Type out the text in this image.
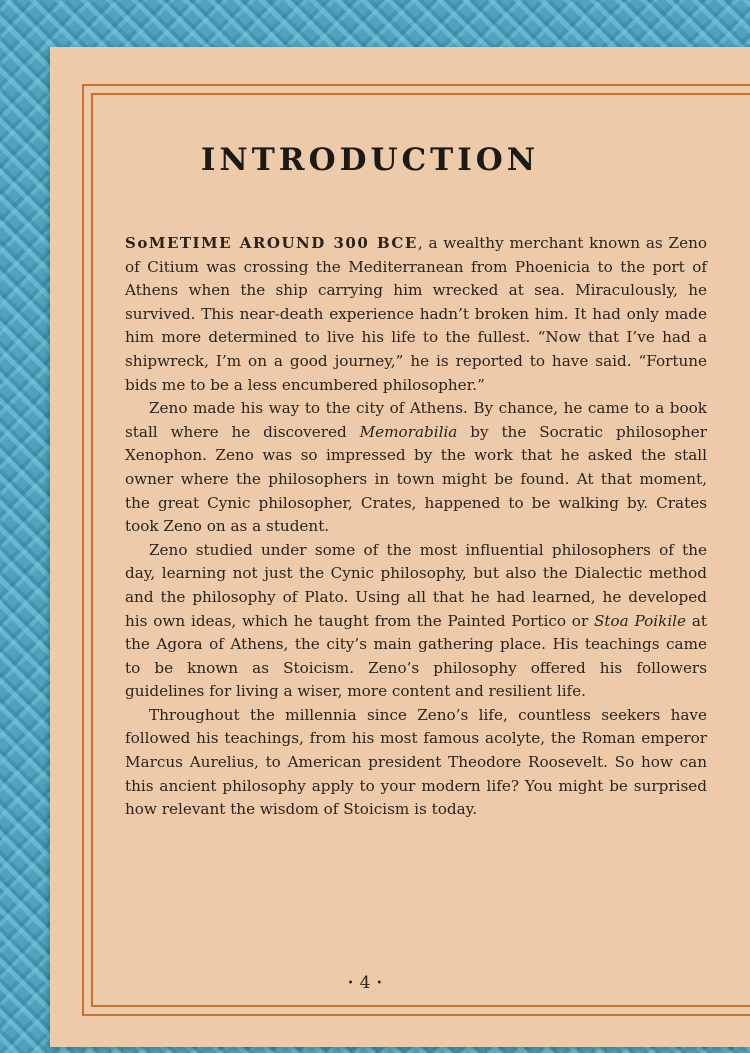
INTRODUCTION

SoMETIME AROUND 300 BCE, a wealthy merchant known as Zeno of Citium was crossing the Mediterranean from Phoenicia to the port of Athens when the ship carrying him wrecked at sea. Miraculously, he survived. This near-death experience hadn’t broken him. It had only made him more determined to live his life to the fullest. “Now that I’ve had a shipwreck, I’m on a good journey,” he is reported to have said. “Fortune bids me to be a less encumbered philosopher.”

Zeno made his way to the city of Athens. By chance, he came to a book stall where he discovered Memorabilia by the Socratic philosopher Xenophon. Zeno was so impressed by the work that he asked the stall owner where the philosophers in town might be found. At that moment, the great Cynic philosopher, Crates, happened to be walking by. Crates took Zeno on as a student.

Zeno studied under some of the most influential philosophers of the day, learning not just the Cynic philosophy, but also the Dialectic method and the philosophy of Plato. Using all that he had learned, he developed his own ideas, which he taught from the Painted Portico or Stoa Poikile at the Agora of Athens, the city’s main gathering place. His teachings came to be known as Stoicism. Zeno’s philosophy offered his followers guidelines for living a wiser, more content and resilient life.

Throughout the millennia since Zeno’s life, countless seekers have followed his teachings, from his most famous acolyte, the Roman emperor Marcus Aurelius, to American president Theodore Roosevelt. So how can this ancient philosophy apply to your modern life? You might be surprised how relevant the wisdom of Stoicism is today.

• 4 •
